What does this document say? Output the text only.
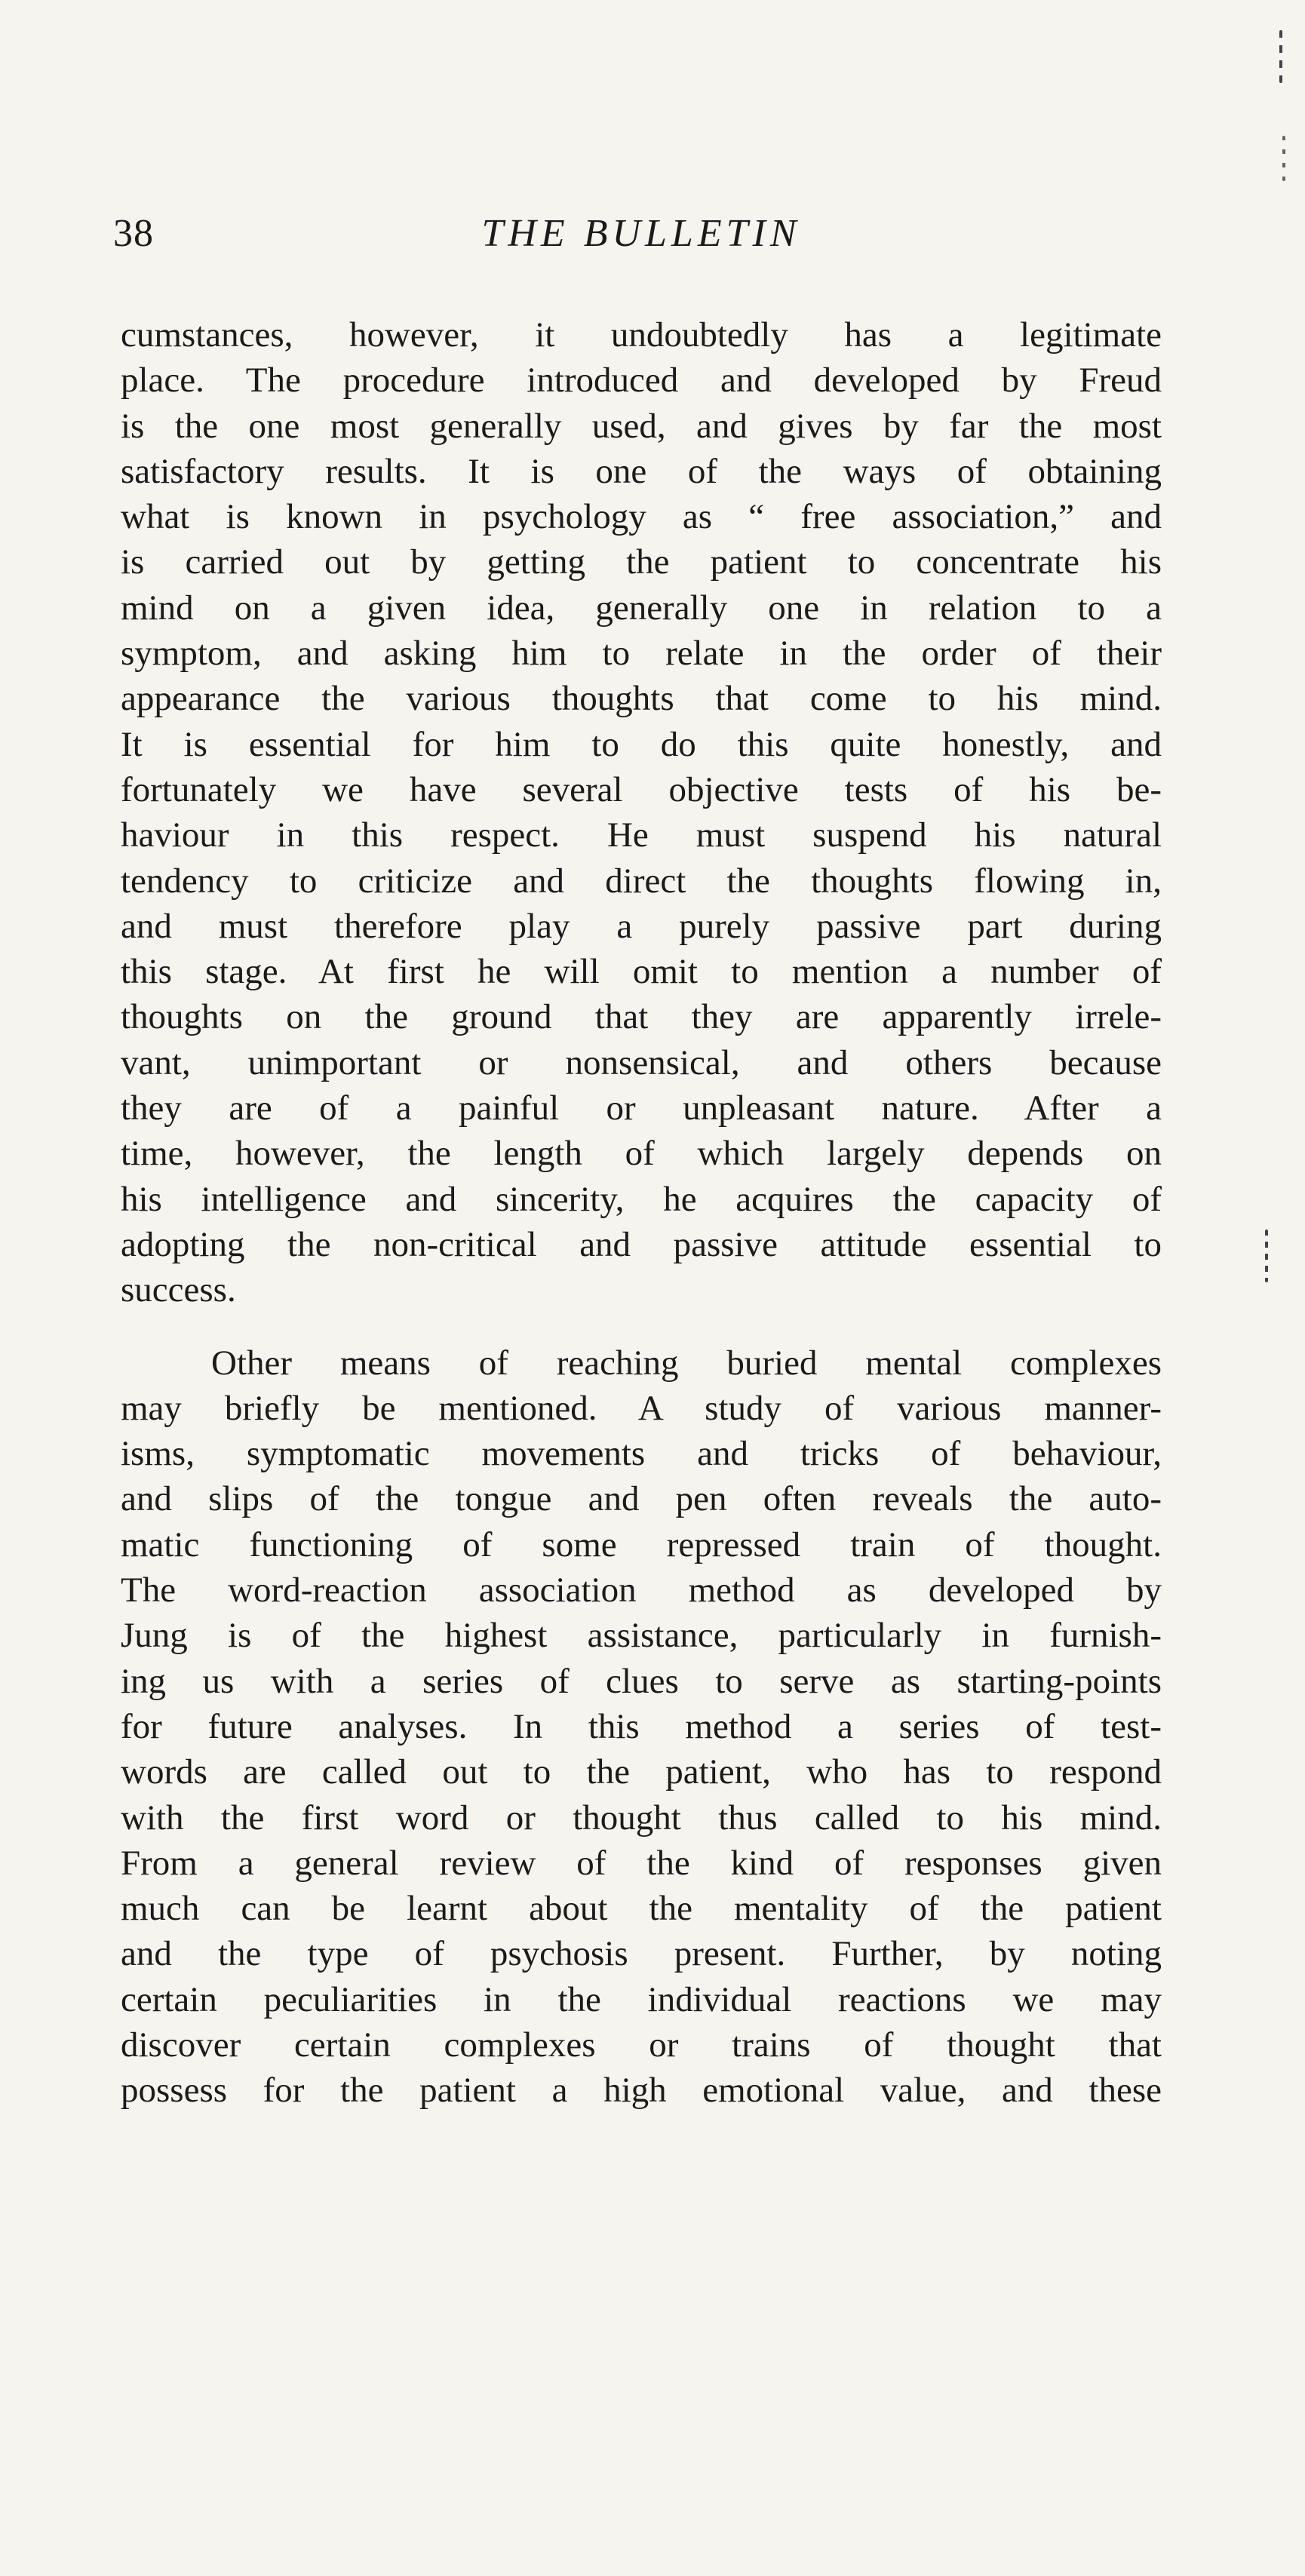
38	THE BULLETIN
cumstances, however, it undoubtedly has a legitimate
place. The procedure introduced and developed by Freud
is the one most generally used, and gives by far the most
satisfactory results. It is one of the ways of obtaining
what is known in psychology as “ free association,” and
is carried out by getting the patient to concentrate his
mind on a given idea, generally one in relation to a
symptom, and asking him to relate in the order of their
appearance the various thoughts that come to his mind.
It is essential for him to do this quite honestly, and
fortunately we have several objective tests of his be-
haviour in this respect. He must suspend his natural
tendency to criticize and direct the thoughts flowing in,
and must therefore play a purely passive part during
this stage. At first he will omit to mention a number of
thoughts on the ground that they are apparently irrele-
vant, unimportant or nonsensical, and others because
they are of a painful or unpleasant nature. After a
time, however, the length of which largely depends on
his intelligence and sincerity, he acquires the capacity of
adopting the non-critical and passive attitude essential to
success.
Other means of reaching buried mental complexes
may briefly be mentioned. A study of various manner-
isms, symptomatic movements and tricks of behaviour,
and slips of the tongue and pen often reveals the auto-
matic functioning of some repressed train of thought.
The word-reaction association method as developed by
Jung is of the highest assistance, particularly in furnish-
ing us with a series of clues to serve as starting-points
for future analyses. In this method a series of test-
words are called out to the patient, who has to respond
with the first word or thought thus called to his mind.
From a general review of the kind of responses given
much can be learnt about the mentality of the patient
and the type of psychosis present. Further, by noting
certain peculiarities in the individual reactions we may
discover certain complexes or trains of thought that
possess for the patient a high emotional value, and these
